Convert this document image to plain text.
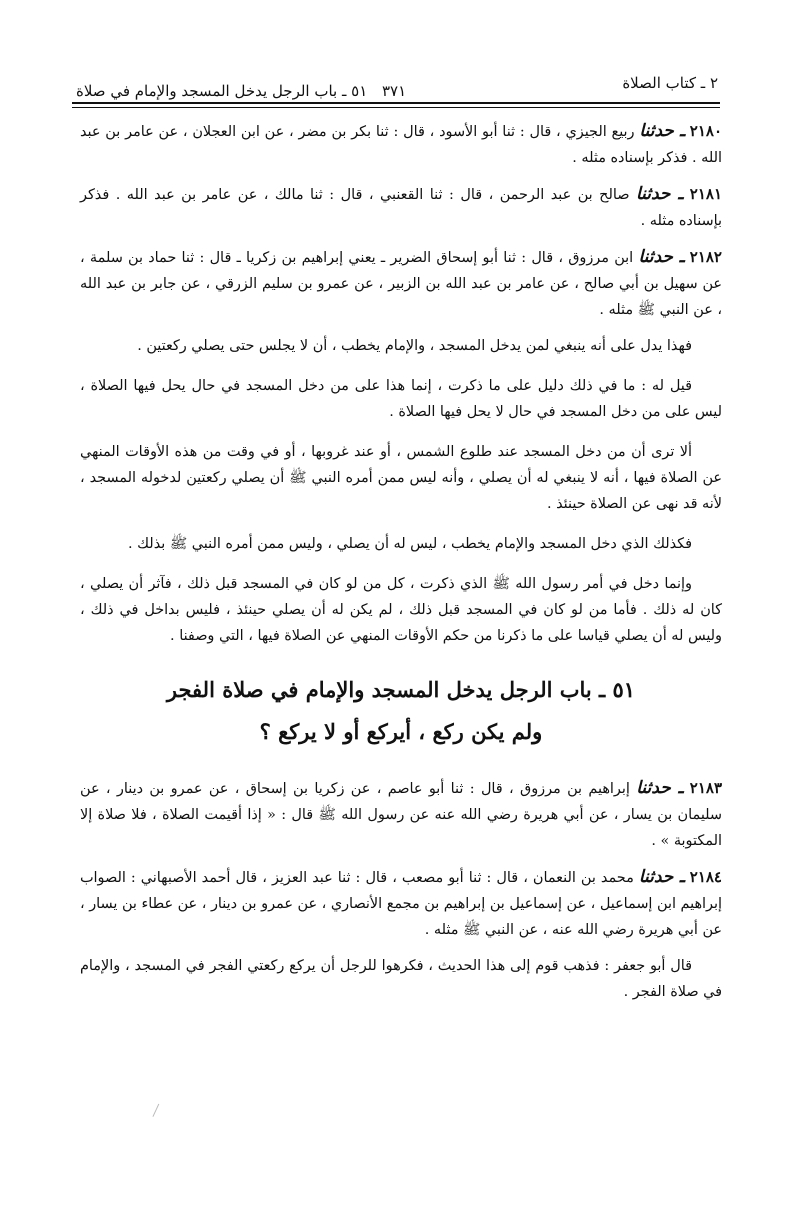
٢ ـ كتاب الصلاة
٣٧١
٥١ ـ باب الرجل يدخل المسجد والإمام في صلاة

٢١٨٠ ـ حدثنا ربيع الجيزي ، قال : ثنا أبو الأسود ، قال : ثنا بكر بن مضر ، عن ابن العجلان ، عن عامر بن عبد الله . فذكر بإسناده مثله .

٢١٨١ ـ حدثنا صالح بن عبد الرحمن ، قال : ثنا القعنبي ، قال : ثنا مالك ، عن عامر بن عبد الله . فذكر بإسناده مثله .

٢١٨٢ ـ حدثنا ابن مرزوق ، قال : ثنا أبو إسحاق الضرير ـ يعني إبراهيم بن زكريا ـ قال : ثنا حماد بن سلمة ، عن سهيل بن أبي صالح ، عن عامر بن عبد الله بن الزبير ، عن عمرو بن سليم الزرقي ، عن جابر بن عبد الله ، عن النبي ﷺ مثله .

فهذا يدل على أنه ينبغي لمن يدخل المسجد ، والإمام يخطب ، أن لا يجلس حتى يصلي ركعتين .

قيل له : ما في ذلك دليل على ما ذكرت ، إنما هذا على من دخل المسجد في حال يحل فيها الصلاة ، ليس على من دخل المسجد في حال لا يحل فيها الصلاة .

ألا ترى أن من دخل المسجد عند طلوع الشمس ، أو عند غروبها ، أو في وقت من هذه الأوقات المنهي عن الصلاة فيها ، أنه لا ينبغي له أن يصلي ، وأنه ليس ممن أمره النبي ﷺ أن يصلي ركعتين لدخوله المسجد ، لأنه قد نهى عن الصلاة حينئذ .

فكذلك الذي دخل المسجد والإمام يخطب ، ليس له أن يصلي ، وليس ممن أمره النبي ﷺ بذلك .

وإنما دخل في أمر رسول الله ﷺ الذي ذكرت ، كل من لو كان في المسجد قبل ذلك ، فآثر أن يصلي ، كان له ذلك . فأما من لو كان في المسجد قبل ذلك ، لم يكن له أن يصلي حينئذ ، فليس بداخل في ذلك ، وليس له أن يصلي قياسا على ما ذكرنا من حكم الأوقات المنهي عن الصلاة فيها ، التي وصفنا .

٥١ ـ باب الرجل يدخل المسجد والإمام في صلاة الفجر

ولم يكن ركع ، أيركع أو لا يركع ؟

٢١٨٣ ـ حدثنا إبراهيم بن مرزوق ، قال : ثنا أبو عاصم ، عن زكريا بن إسحاق ، عن عمرو بن دينار ، عن سليمان بن يسار ، عن أبي هريرة رضي الله عنه عن رسول الله ﷺ قال : « إذا أقيمت الصلاة ، فلا صلاة إلا المكتوبة » .

٢١٨٤ ـ حدثنا محمد بن النعمان ، قال : ثنا أبو مصعب ، قال : ثنا عبد العزيز ، قال أحمد الأصبهاني : الصواب إبراهيم ابن إسماعيل ، عن إسماعيل بن إبراهيم بن مجمع الأنصاري ، عن عمرو بن دينار ، عن عطاء بن يسار ، عن أبي هريرة رضي الله عنه ، عن النبي ﷺ مثله .

قال أبو جعفر : فذهب قوم إلى هذا الحديث ، فكرهوا للرجل أن يركع ركعتي الفجر في المسجد ، والإمام في صلاة الفجر .
